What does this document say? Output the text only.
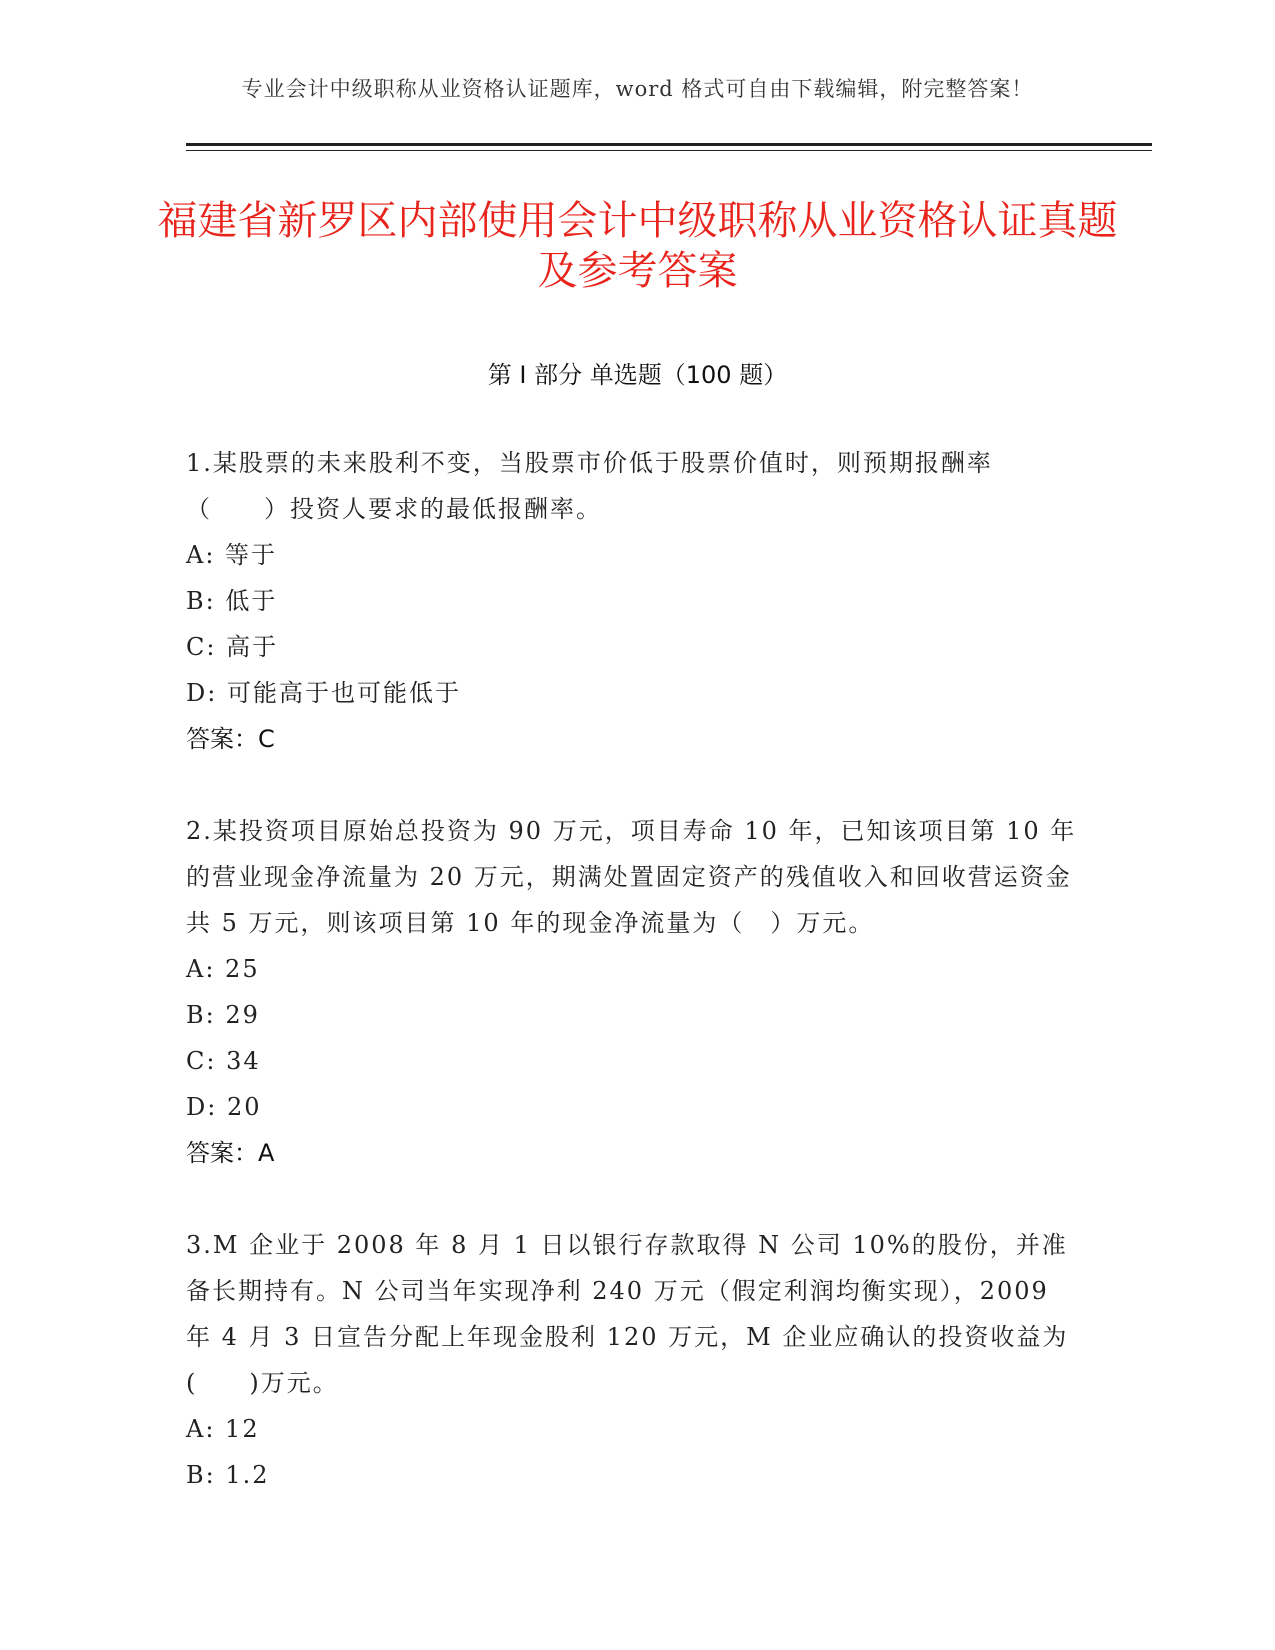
专业会计中级职称从业资格认证题库，word 格式可自由下载编辑，附完整答案！
福建省新罗区内部使用会计中级职称从业资格认证真题及参考答案
第 I 部分 单选题（100 题）

1.某股票的未来股利不变，当股票市价低于股票价值时，则预期报酬率（　　）投资人要求的最低报酬率。

A: 等于

B: 低于

C: 高于

D: 可能高于也可能低于

答案：C

2.某投资项目原始总投资为 90 万元，项目寿命 10 年，已知该项目第 10 年的营业现金净流量为 20 万元，期满处置固定资产的残值收入和回收营运资金共 5 万元，则该项目第 10 年的现金净流量为（　）万元。

A: 25

B: 29

C: 34

D: 20

答案：A

3.M 企业于 2008 年 8 月 1 日以银行存款取得 N 公司 10%的股份，并准备长期持有。N 公司当年实现净利 240 万元（假定利润均衡实现），2009 年 4 月 3 日宣告分配上年现金股利 120 万元，M 企业应确认的投资收益为(　　)万元。

A: 12

B: 1.2
